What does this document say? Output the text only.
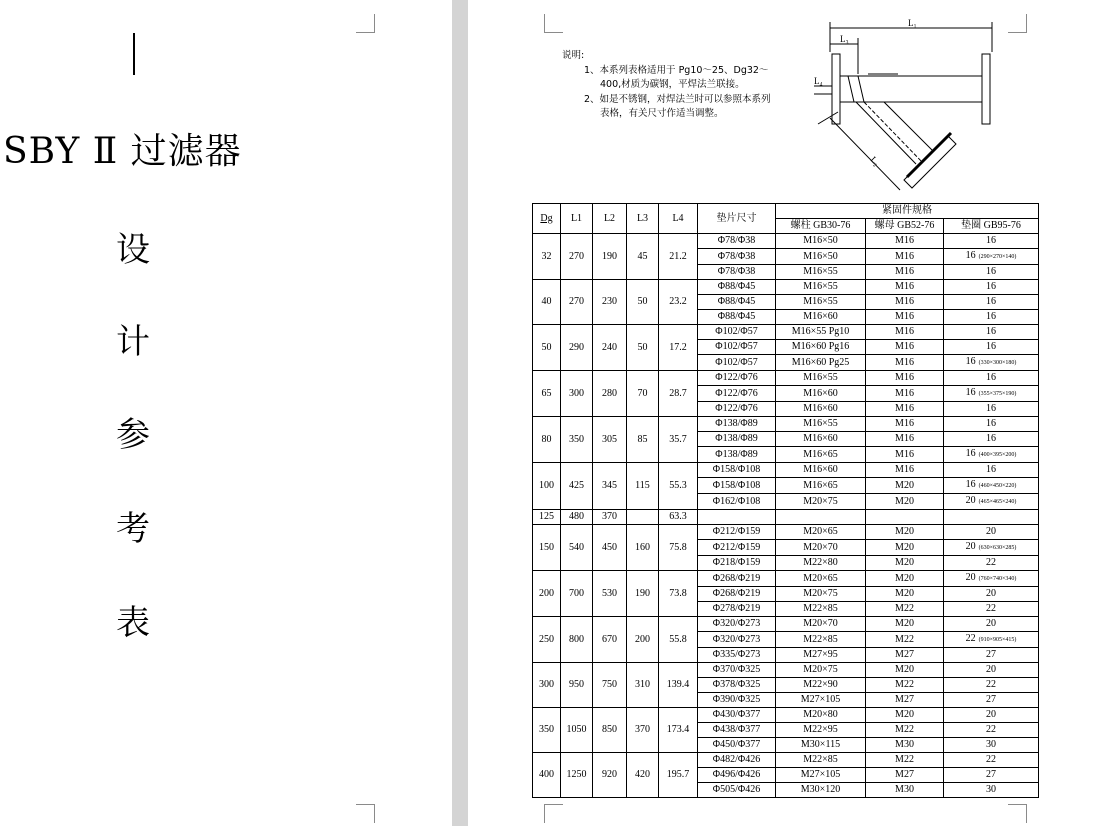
SBY Ⅱ 过滤器
设
计
参
考
表
说明:
1、本系列表格适用于 Pg10～25、Dg32～
400,材质为碳钢，平焊法兰联接。
2、如是不锈钢，对焊法兰时可以参照本系列
表格，有关尺寸作适当调整。
L₁
L₃
L₄
L₂
Dg	L1	L2	L3	L4	垫片尺寸	紧固件规格		
						螺柱 GB30-76	螺母 GB52-76	垫圈 GB95-76
32	270	190	45	21.2	Φ78/Φ38	M16×50	M16	16
					Φ78/Φ38	M16×50	M16	16 (290×270×140)
					Φ78/Φ38	M16×55	M16	16
40	270	230	50	23.2	Φ88/Φ45	M16×55	M16	16
					Φ88/Φ45	M16×55	M16	16
					Φ88/Φ45	M16×60	M16	16
50	290	240	50	17.2	Φ102/Φ57	M16×55 Pg10	M16	16
					Φ102/Φ57	M16×60 Pg16	M16	16
					Φ102/Φ57	M16×60 Pg25	M16	16 (330×300×180)
65	300	280	70	28.7	Φ122/Φ76	M16×55	M16	16
					Φ122/Φ76	M16×60	M16	16 (355×375×190)
					Φ122/Φ76	M16×60	M16	16
80	350	305	85	35.7	Φ138/Φ89	M16×55	M16	16
					Φ138/Φ89	M16×60	M16	16
					Φ138/Φ89	M16×65	M16	16 (400×395×200)
100	425	345	115	55.3	Φ158/Φ108	M16×60	M16	16
					Φ158/Φ108	M16×65	M20	16 (460×450×220)
					Φ162/Φ108	M20×75	M20	20 (465×465×240)
125	480	370		63.3				
150	540	450	160	75.8	Φ212/Φ159	M20×65	M20	20
					Φ212/Φ159	M20×70	M20	20 (630×630×285)
					Φ218/Φ159	M22×80	M20	22
200	700	530	190	73.8	Φ268/Φ219	M20×65	M20	20 (760×740×340)
					Φ268/Φ219	M20×75	M20	20
					Φ278/Φ219	M22×85	M22	22
250	800	670	200	55.8	Φ320/Φ273	M20×70	M20	20
					Φ320/Φ273	M22×85	M22	22 (910×905×415)
					Φ335/Φ273	M27×95	M27	27
300	950	750	310	139.4	Φ370/Φ325	M20×75	M20	20
					Φ378/Φ325	M22×90	M22	22
					Φ390/Φ325	M27×105	M27	27
350	1050	850	370	173.4	Φ430/Φ377	M20×80	M20	20
					Φ438/Φ377	M22×95	M22	22
					Φ450/Φ377	M30×115	M30	30
400	1250	920	420	195.7	Φ482/Φ426	M22×85	M22	22
					Φ496/Φ426	M27×105	M27	27
					Φ505/Φ426	M30×120	M30	30
